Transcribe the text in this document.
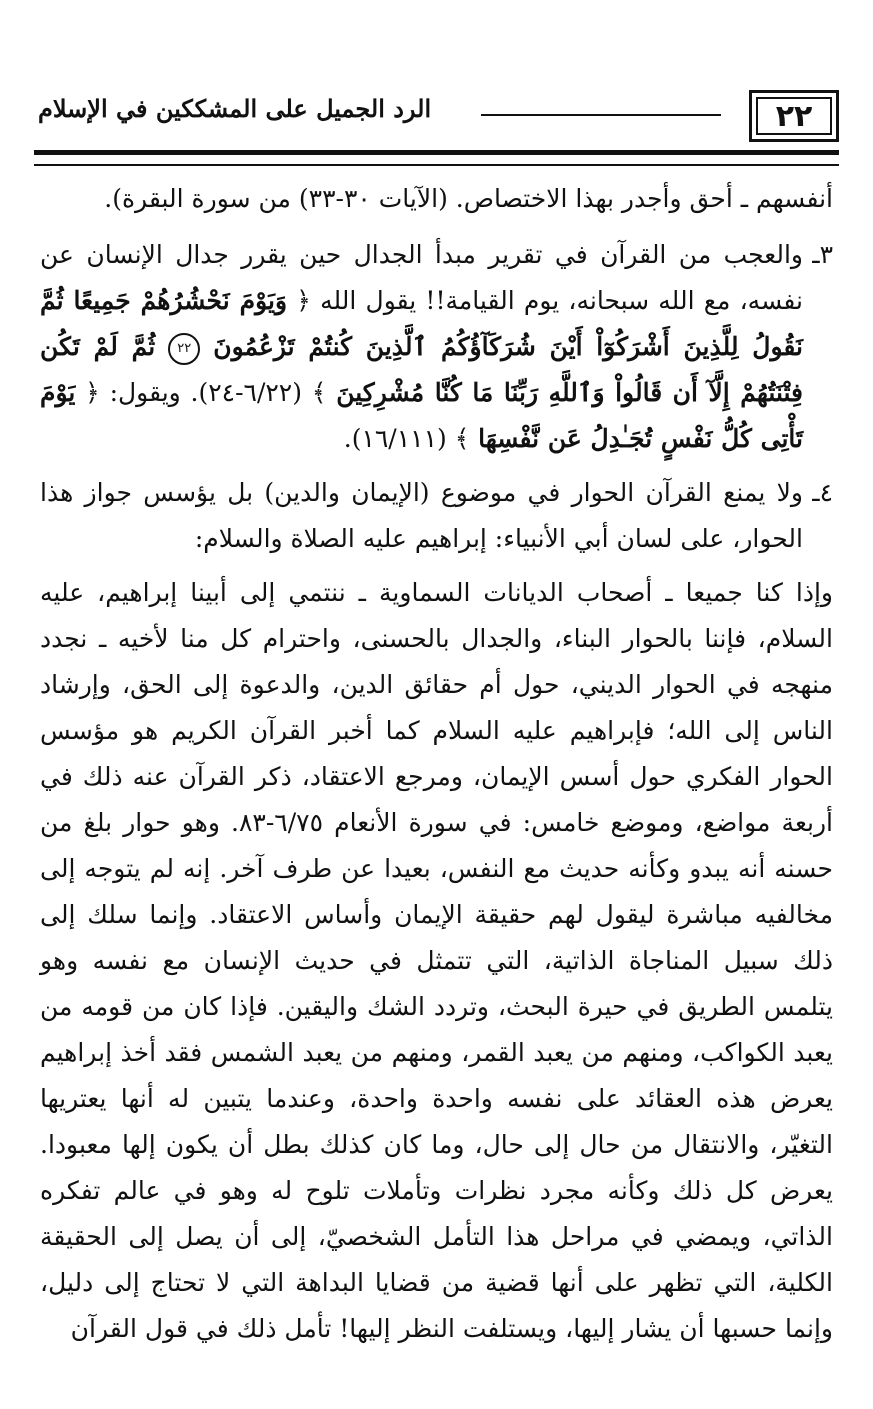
٢٢
الرد الجميل على المشككين في الإسلام

أنفسهم ـ أحق وأجدر بهذا الاختصاص. (الآيات ٣٠-٣٣) من سورة البقرة).

٣ـ

والعجب من القرآن في تقرير مبدأ الجدال حين يقرر جدال الإنسان عن نفسه، مع الله سبحانه، يوم القيامة!! يقول الله ﴿ وَيَوْمَ نَحْشُرُهُمْ جَمِيعًا ثُمَّ نَقُولُ لِلَّذِينَ أَشْرَكُوٓاْ أَيْنَ شُرَكَآؤُكُمُ ٱلَّذِينَ كُنتُمْ تَزْعُمُونَ ٢٢ ثُمَّ لَمْ تَكُن فِتْنَتُهُمْ إِلَّآ أَن قَالُواْ وَٱللَّهِ رَبِّنَا مَا كُنَّا مُشْرِكِينَ ﴾ (٦/٢٢-٢٤). ويقول: ﴿ يَوْمَ تَأْتِى كُلُّ نَفْسٍ تُجَـٰدِلُ عَن نَّفْسِهَا ﴾ (١٦/١١١).

٤ـ

ولا يمنع القرآن الحوار في موضوع (الإيمان والدين) بل يؤسس جواز هذا الحوار، على لسان أبي الأنبياء: إبراهيم عليه الصلاة والسلام:

وإذا كنا جميعا ـ أصحاب الديانات السماوية ـ ننتمي إلى أبينا إبراهيم، عليه السلام، فإننا بالحوار البناء، والجدال بالحسنى، واحترام كل منا لأخيه ـ نجدد منهجه في الحوار الديني، حول أم حقائق الدين، والدعوة إلى الحق، وإرشاد الناس إلى الله؛ فإبراهيم عليه السلام كما أخبر القرآن الكريم هو مؤسس الحوار الفكري حول أسس الإيمان، ومرجع الاعتقاد، ذكر القرآن عنه ذلك في أربعة مواضع، وموضع خامس: في سورة الأنعام ٦/٧٥-٨٣. وهو حوار بلغ من حسنه أنه يبدو وكأنه حديث مع النفس، بعيدا عن طرف آخر. إنه لم يتوجه إلى مخالفيه مباشرة ليقول لهم حقيقة الإيمان وأساس الاعتقاد. وإنما سلك إلى ذلك سبيل المناجاة الذاتية، التي تتمثل في حديث الإنسان مع نفسه وهو يتلمس الطريق في حيرة البحث، وتردد الشك واليقين. فإذا كان من قومه من يعبد الكواكب، ومنهم من يعبد القمر، ومنهم من يعبد الشمس فقد أخذ إبراهيم يعرض هذه العقائد على نفسه واحدة واحدة، وعندما يتبين له أنها يعتريها التغيّر، والانتقال من حال إلى حال، وما كان كذلك بطل أن يكون إلها معبودا. يعرض كل ذلك وكأنه مجرد نظرات وتأملات تلوح له وهو في عالم تفكره الذاتي، ويمضي في مراحل هذا التأمل الشخصيّ، إلى أن يصل إلى الحقيقة الكلية، التي تظهر على أنها قضية من قضايا البداهة التي لا تحتاج إلى دليل، وإنما حسبها أن يشار إليها، ويستلفت النظر إليها! تأمل ذلك في قول القرآن
